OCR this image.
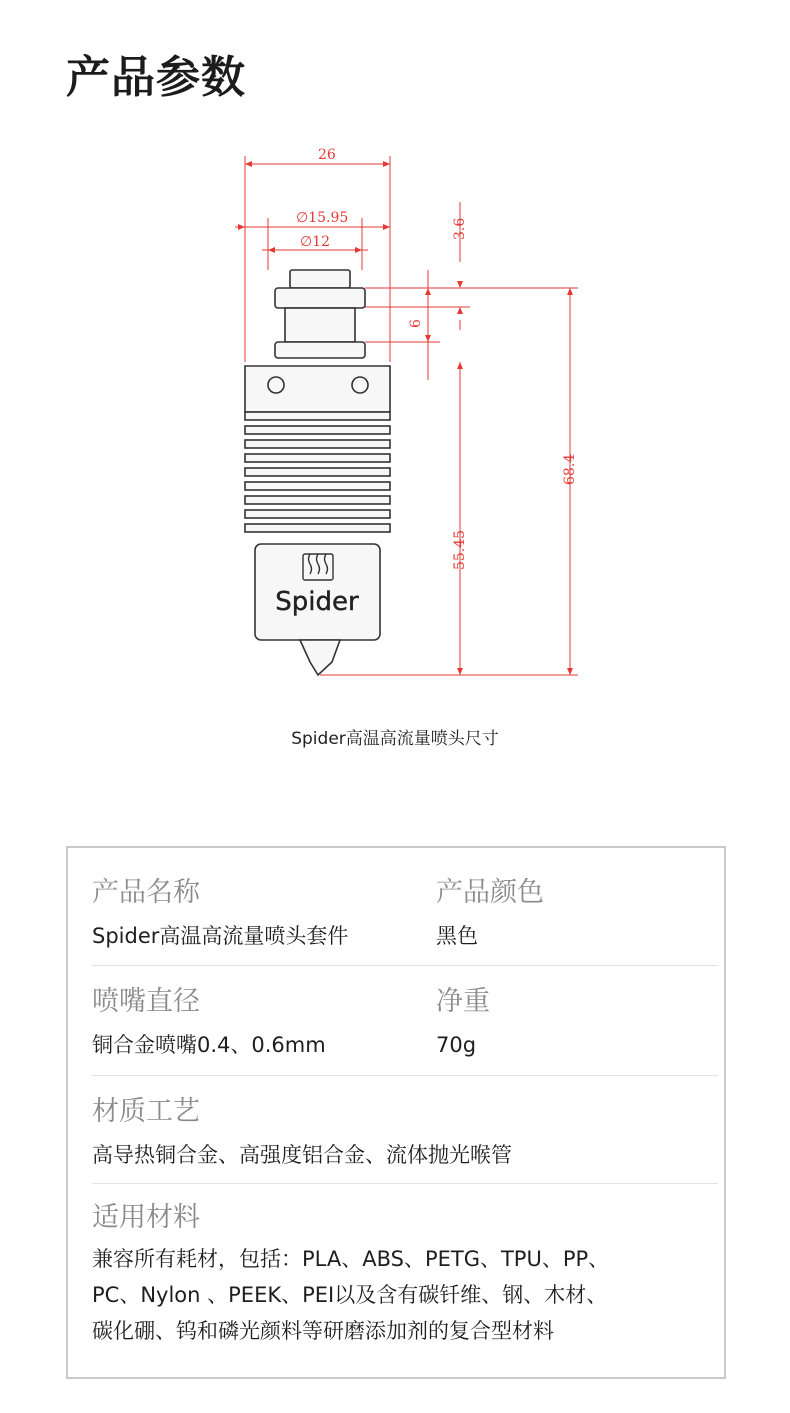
产品参数
26
∅15.95
∅12
3.6
6
68.4
55.45
Spider
Spider高温高流量喷头尺寸
产品名称
Spider高温高流量喷头套件
产品颜色
黑色
喷嘴直径
铜合金喷嘴0.4、0.6mm
净重
70g
材质工艺
高导热铜合金、高强度铝合金、流体抛光喉管
适用材料
兼容所有耗材，包括：PLA、ABS、PETG、TPU、PP、
PC、Nylon 、PEEK、PEI以及含有碳钎维、钢、木材、
碳化硼、钨和磷光颜料等研磨添加剂的复合型材料
